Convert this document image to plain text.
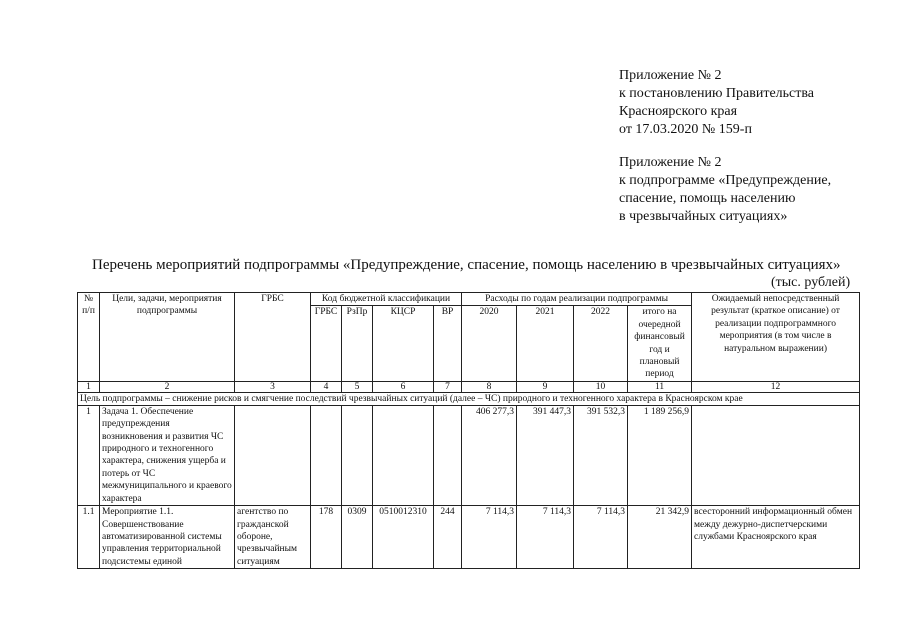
Приложение № 2
к постановлению Правительства
Красноярского края
от 17.03.2020 № 159-п
Приложение № 2
к подпрограмме «Предупреждение,
спасение, помощь населению
в чрезвычайных ситуациях»
Перечень мероприятий подпрограммы «Предупреждение, спасение, помощь населению в чрезвычайных ситуациях»
(тыс. рублей)
№ п/п	Цели, задачи, мероприятия подпрограммы	ГРБС	Код бюджетной классификации				Расходы по годам реализации подпрограммы				Ожидаемый непосредственный результат (краткое описание) от реализации подпрограммного мероприятия (в том числе в натуральном выражении)
			ГРБС	РзПр	КЦСР	ВР	2020	2021	2022	итого на очередной финансовый год и плановый период	
1	2	3	4	5	6	7	8	9	10	11	12
Цель подпрограммы – снижение рисков и смягчение последствий чрезвычайных ситуаций (далее – ЧС) природного и техногенного характера в Красноярском крае											
1	Задача 1. Обеспечение предупреждения возникновения и развития ЧС природного и техногенного характера, снижения ущерба и потерь от ЧС межмуниципального и краевого характера						406 277,3	391 447,3	391 532,3	1 189 256,9	
1.1	Мероприятие 1.1. Совершенствование автоматизированной системы управления территориальной подсистемы единой	агентство по гражданской обороне, чрезвычайным ситуациям	178	0309	0510012310	244	7 114,3	7 114,3	7 114,3	21 342,9	всесторонний информационный обмен между дежурно-диспетчерскими службами Красноярского края
